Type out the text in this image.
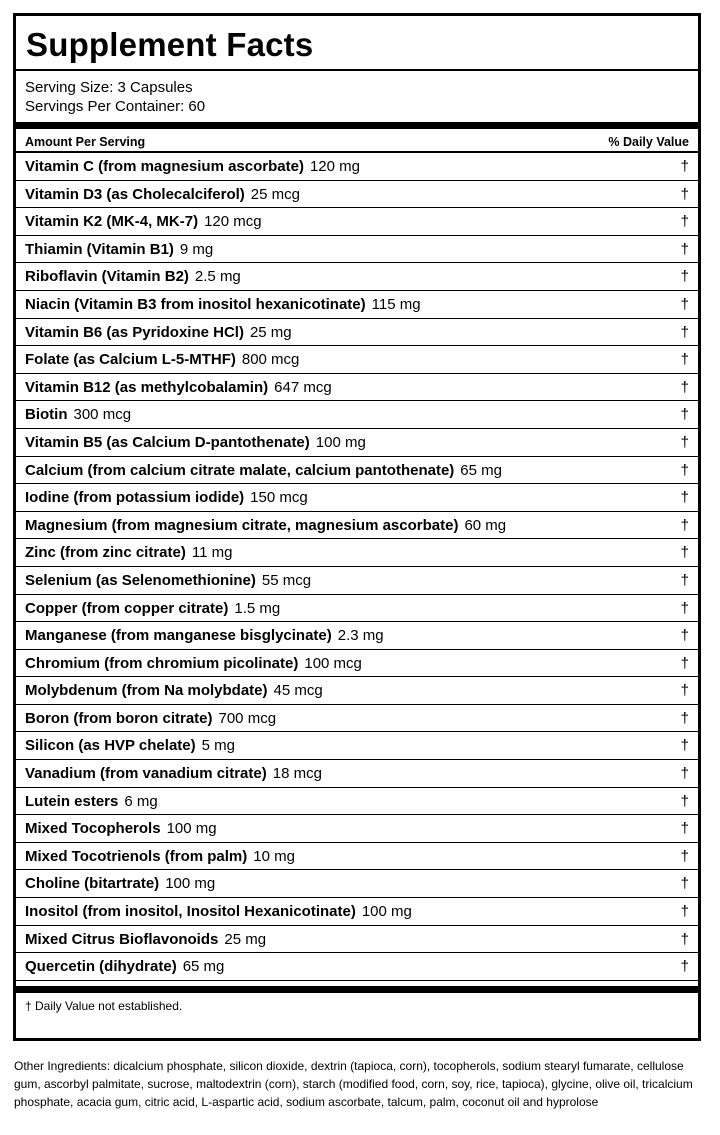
Supplement Facts
Serving Size: 3 Capsules
Servings Per Container: 60
Amount Per Serving	% Daily Value
Vitamin C (from magnesium ascorbate) 120 mg	†
Vitamin D3 (as Cholecalciferol) 25 mcg	†
Vitamin K2 (MK-4, MK-7) 120 mcg	†
Thiamin (Vitamin B1) 9 mg	†
Riboflavin (Vitamin B2) 2.5 mg	†
Niacin (Vitamin B3 from inositol hexanicotinate) 115 mg	†
Vitamin B6 (as Pyridoxine HCl) 25 mg	†
Folate (as Calcium L-5-MTHF) 800 mcg	†
Vitamin B12 (as methylcobalamin) 647 mcg	†
Biotin 300 mcg	†
Vitamin B5 (as Calcium D-pantothenate) 100 mg	†
Calcium (from calcium citrate malate, calcium pantothenate) 65 mg	†
Iodine (from potassium iodide) 150 mcg	†
Magnesium (from magnesium citrate, magnesium ascorbate) 60 mg	†
Zinc (from zinc citrate) 11 mg	†
Selenium (as Selenomethionine) 55 mcg	†
Copper (from copper citrate) 1.5 mg	†
Manganese (from manganese bisglycinate) 2.3 mg	†
Chromium (from chromium picolinate) 100 mcg	†
Molybdenum (from Na molybdate) 45 mcg	†
Boron (from boron citrate) 700 mcg	†
Silicon (as HVP chelate) 5 mg	†
Vanadium (from vanadium citrate) 18 mcg	†
Lutein esters 6 mg	†
Mixed Tocopherols 100 mg	†
Mixed Tocotrienols (from palm) 10 mg	†
Choline (bitartrate) 100 mg	†
Inositol (from inositol, Inositol Hexanicotinate) 100 mg	†
Mixed Citrus Bioflavonoids 25 mg	†
Quercetin (dihydrate) 65 mg	†
† Daily Value not established.
Other Ingredients: dicalcium phosphate, silicon dioxide, dextrin (tapioca, corn), tocopherols, sodium stearyl fumarate, cellulose gum, ascorbyl palmitate, sucrose, maltodextrin (corn), starch (modified food, corn, soy, rice, tapioca), glycine, olive oil, tricalcium phosphate, acacia gum, citric acid, L-aspartic acid, sodium ascorbate, talcum, palm, coconut oil and hyprolose
